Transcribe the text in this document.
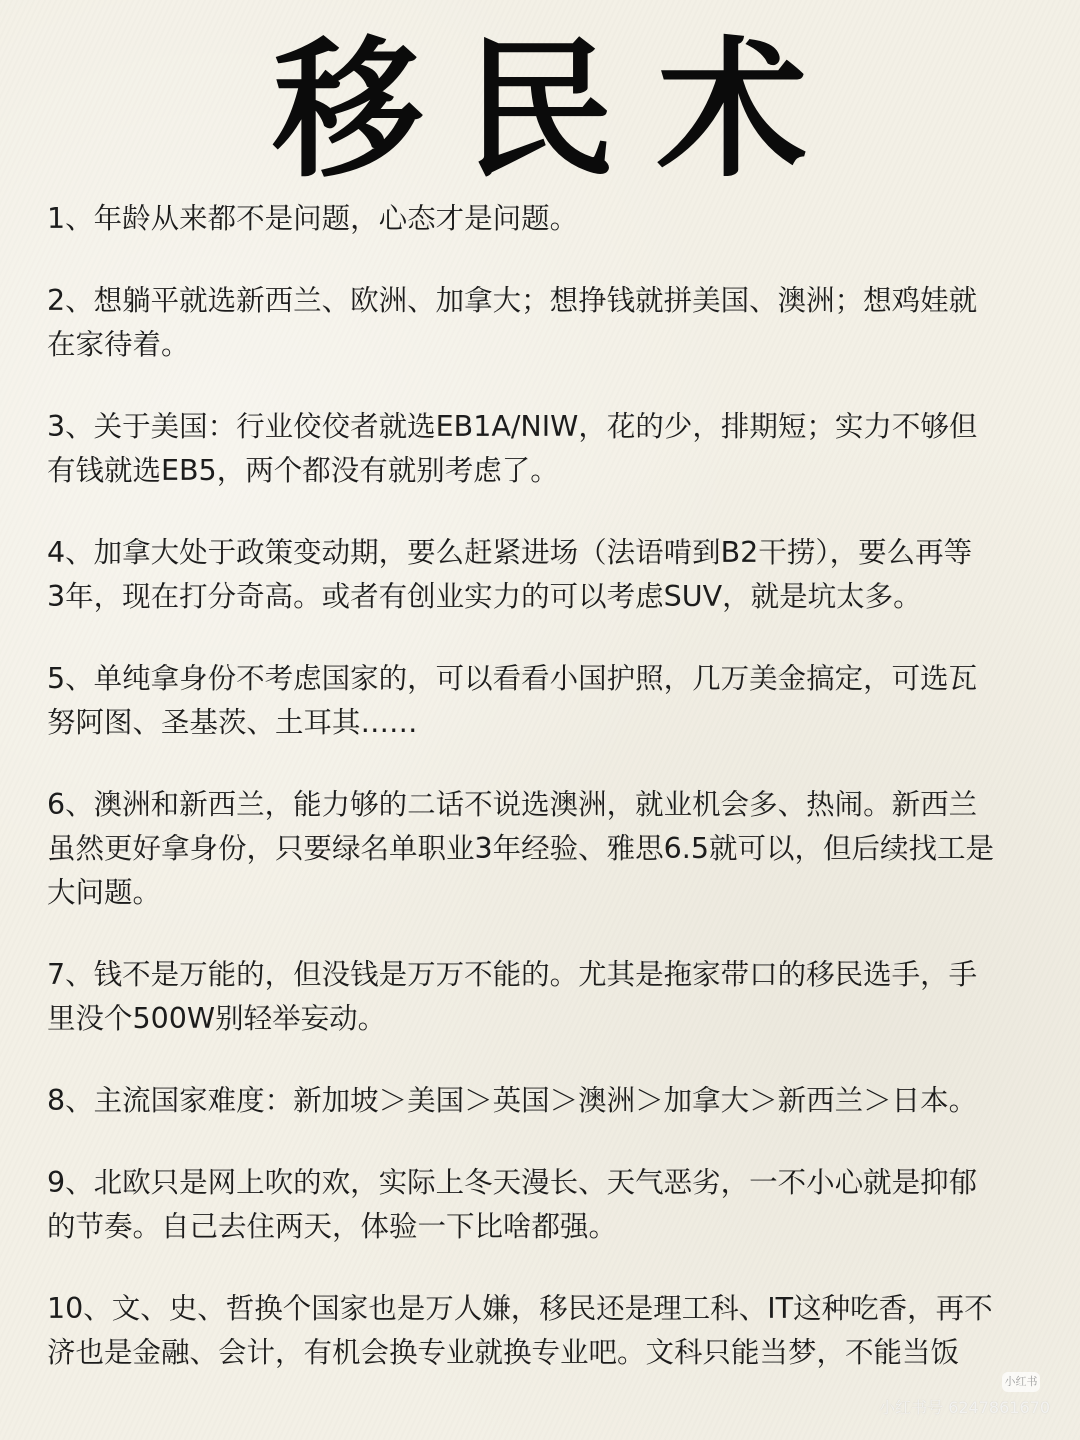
移民术

1、年龄从来都不是问题，心态才是问题。

2、想躺平就选新西兰、欧洲、加拿大；想挣钱就拼美国、澳洲；想鸡娃就
在家待着。

3、关于美国：行业佼佼者就选EB1A/NIW，花的少，排期短；实力不够但
有钱就选EB5，两个都没有就别考虑了。

4、加拿大处于政策变动期，要么赶紧进场（法语啃到B2干捞），要么再等
3年，现在打分奇高。或者有创业实力的可以考虑SUV，就是坑太多。

5、单纯拿身份不考虑国家的，可以看看小国护照，几万美金搞定，可选瓦
努阿图、圣基茨、土耳其……

6、澳洲和新西兰，能力够的二话不说选澳洲，就业机会多、热闹。新西兰
虽然更好拿身份，只要绿名单职业3年经验、雅思6.5就可以，但后续找工是
大问题。

7、钱不是万能的，但没钱是万万不能的。尤其是拖家带口的移民选手，手
里没个500W别轻举妄动。

8、主流国家难度：新加坡＞美国＞英国＞澳洲＞加拿大＞新西兰＞日本。

9、北欧只是网上吹的欢，实际上冬天漫长、天气恶劣，一不小心就是抑郁
的节奏。自己去住两天，体验一下比啥都强。

10、文、史、哲换个国家也是万人嫌，移民还是理工科、IT这种吃香，再不
济也是金融、会计，有机会换专业就换专业吧。文科只能当梦，不能当饭

小红书
小红书号 6247861670
